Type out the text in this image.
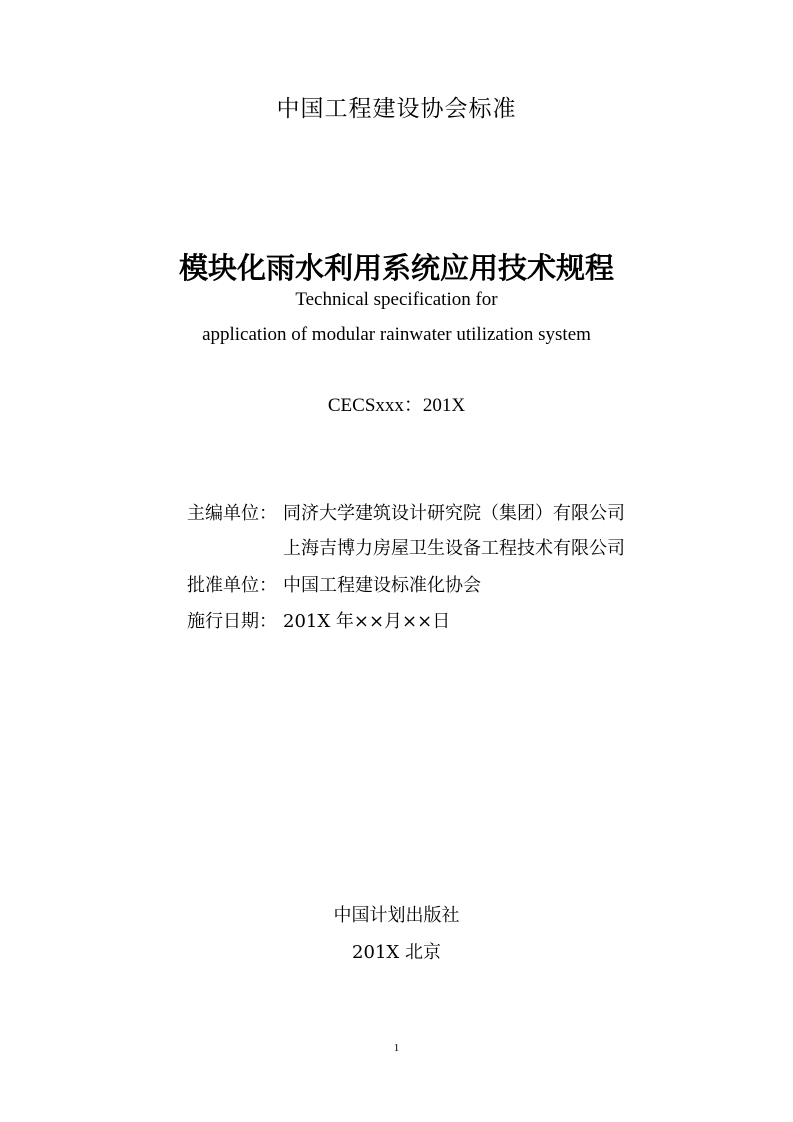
中国工程建设协会标准
模块化雨水利用系统应用技术规程
Technical specification for
application of modular rainwater utilization system
CECSxxx：201X
主编单位： 同济大学建筑设计研究院（集团）有限公司
上海吉博力房屋卫生设备工程技术有限公司
批准单位： 中国工程建设标准化协会
施行日期： 201X 年××月××日
中国计划出版社
201X 北京
1
